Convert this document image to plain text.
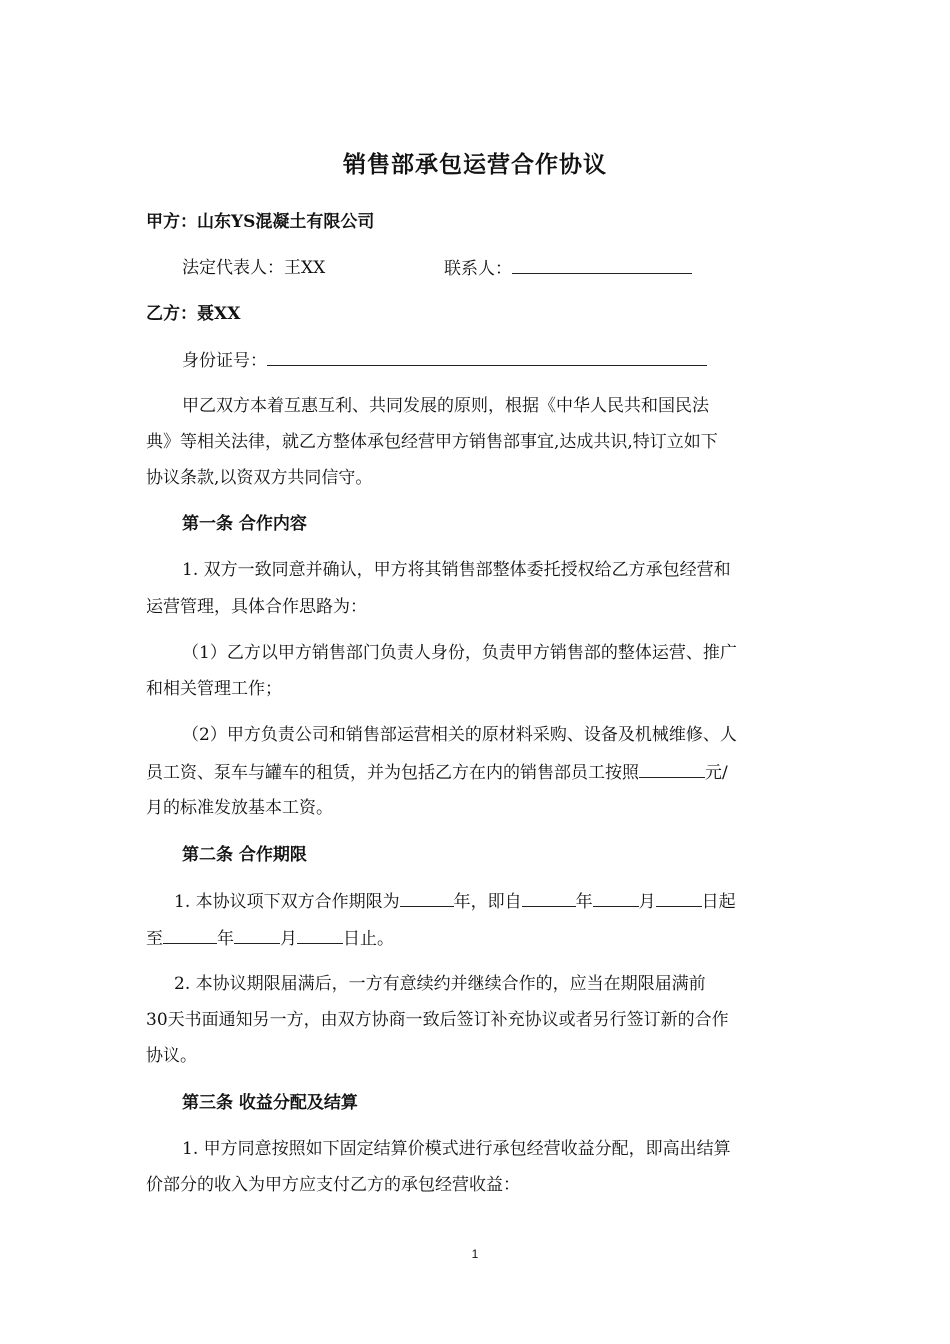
销售部承包运营合作协议
甲方：山东YS混凝土有限公司
法定代表人：王XX	联系人：
乙方：聂XX
身份证号：
甲乙双方本着互惠互利、共同发展的原则，根据《中华人民共和国民法
典》等相关法律，就乙方整体承包经营甲方销售部事宜,达成共识,特订立如下
协议条款,以资双方共同信守。
第一条 合作内容
1. 双方一致同意并确认，甲方将其销售部整体委托授权给乙方承包经营和
运营管理，具体合作思路为：
（1）乙方以甲方销售部门负责人身份，负责甲方销售部的整体运营、推广
和相关管理工作；
（2）甲方负责公司和销售部运营相关的原材料采购、设备及机械维修、人
员工资、泵车与罐车的租赁，并为包括乙方在内的销售部员工按照	元/
月的标准发放基本工资。
第二条 合作期限
1. 本协议项下双方合作期限为	年，即自	年	月	日起
至	年	月	日止。
2. 本协议期限届满后，一方有意续约并继续合作的，应当在期限届满前
30天书面通知另一方，由双方协商一致后签订补充协议或者另行签订新的合作
协议。
第三条 收益分配及结算
1. 甲方同意按照如下固定结算价模式进行承包经营收益分配，即高出结算
价部分的收入为甲方应支付乙方的承包经营收益：
1
